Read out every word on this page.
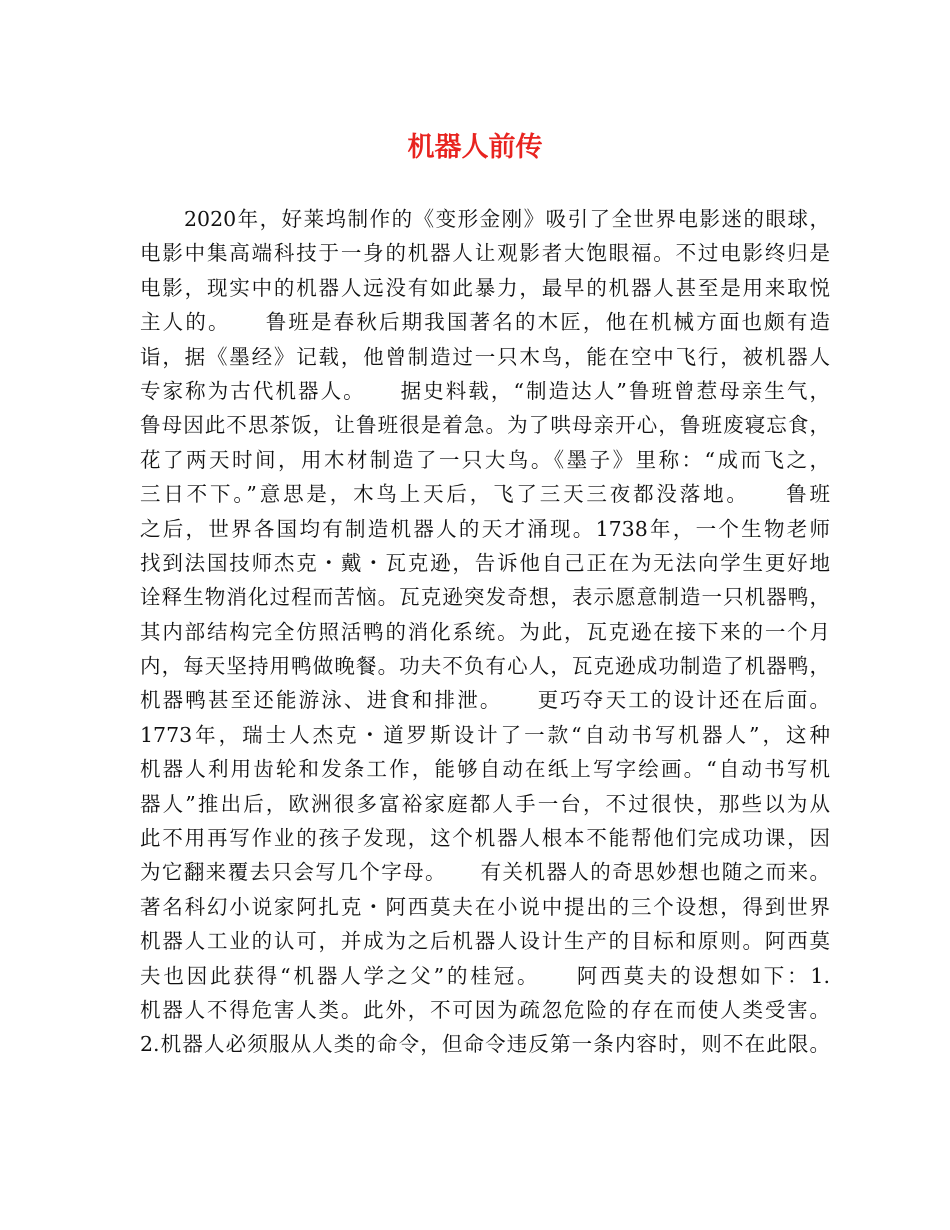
机器人前传
　　2020年，好莱坞制作的《变形金刚》吸引了全世界电影迷的眼球，
电影中集高端科技于一身的机器人让观影者大饱眼福。不过电影终归是
电影，现实中的机器人远没有如此暴力，最早的机器人甚至是用来取悦
主人的。　　鲁班是春秋后期我国著名的木匠，他在机械方面也颇有造
诣，据《墨经》记载，他曾制造过一只木鸟，能在空中飞行，被机器人
专家称为古代机器人。　　据史料载，“制造达人”鲁班曾惹母亲生气，
鲁母因此不思茶饭，让鲁班很是着急。为了哄母亲开心，鲁班废寝忘食，
花了两天时间，用木材制造了一只大鸟。《墨子》里称：“成而飞之，
三日不下。”意思是，木鸟上天后，飞了三天三夜都没落地。　　鲁班
之后，世界各国均有制造机器人的天才涌现。1738年，一个生物老师
找到法国技师杰克・戴・瓦克逊，告诉他自己正在为无法向学生更好地
诠释生物消化过程而苦恼。瓦克逊突发奇想，表示愿意制造一只机器鸭，
其内部结构完全仿照活鸭的消化系统。为此，瓦克逊在接下来的一个月
内，每天坚持用鸭做晚餐。功夫不负有心人，瓦克逊成功制造了机器鸭，
机器鸭甚至还能游泳、进食和排泄。　　更巧夺天工的设计还在后面。
1773年，瑞士人杰克・道罗斯设计了一款“自动书写机器人”，这种
机器人利用齿轮和发条工作，能够自动在纸上写字绘画。“自动书写机
器人”推出后，欧洲很多富裕家庭都人手一台，不过很快，那些以为从
此不用再写作业的孩子发现，这个机器人根本不能帮他们完成功课，因
为它翻来覆去只会写几个字母。　　有关机器人的奇思妙想也随之而来。
著名科幻小说家阿扎克・阿西莫夫在小说中提出的三个设想，得到世界
机器人工业的认可，并成为之后机器人设计生产的目标和原则。阿西莫
夫也因此获得“机器人学之父”的桂冠。　　阿西莫夫的设想如下：1.
机器人不得危害人类。此外，不可因为疏忽危险的存在而使人类受害。
2.机器人必须服从人类的命令，但命令违反第一条内容时，则不在此限。
